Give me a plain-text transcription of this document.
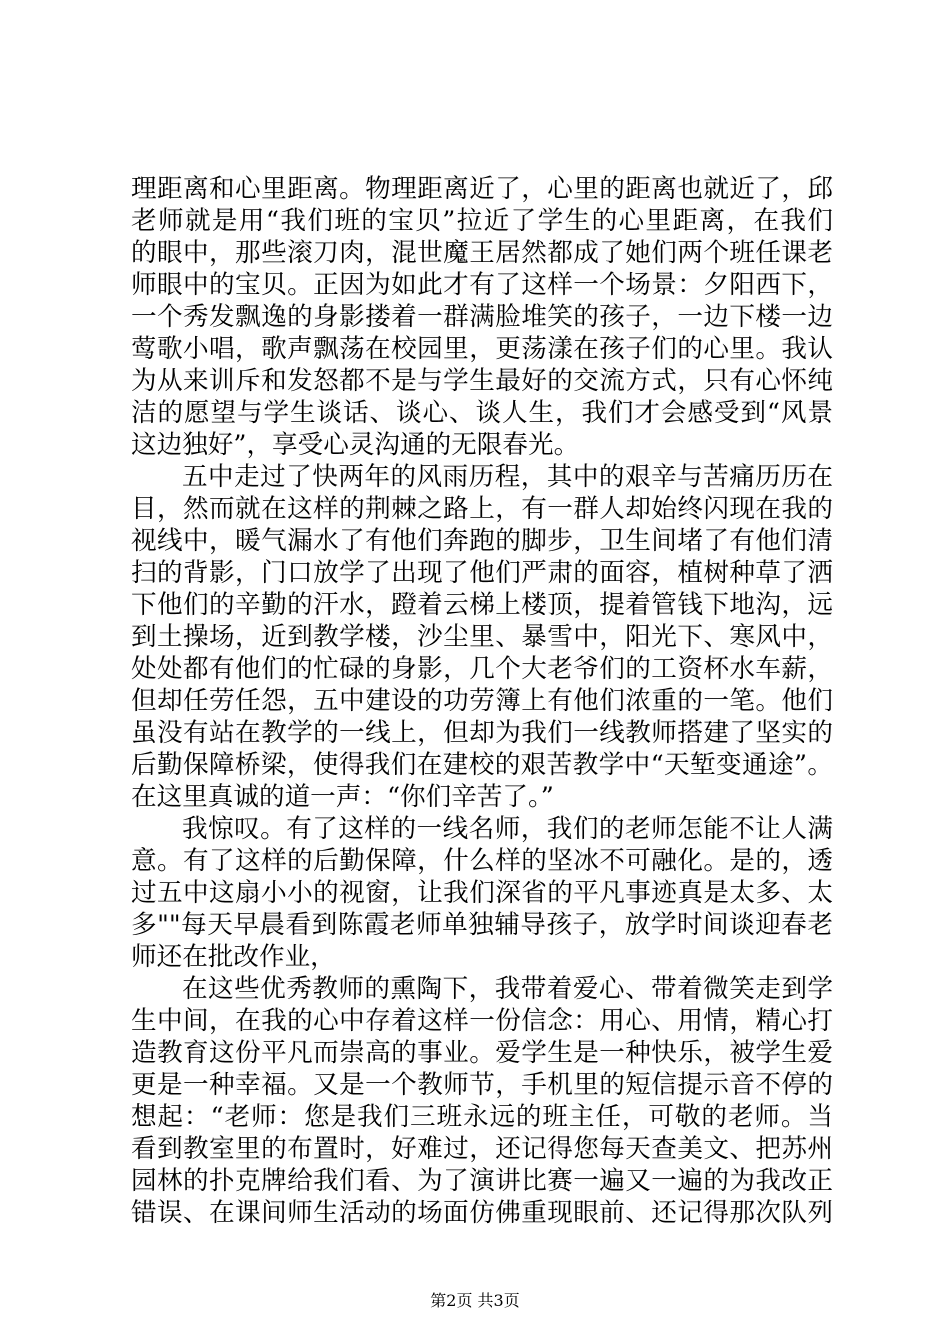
理距离和心里距离。物理距离近了，心里的距离也就近了，邱
老师就是用“我们班的宝贝”拉近了学生的心里距离，在我们
的眼中，那些滚刀肉，混世魔王居然都成了她们两个班任课老
师眼中的宝贝。正因为如此才有了这样一个场景：夕阳西下，
一个秀发飘逸的身影搂着一群满脸堆笑的孩子，一边下楼一边
莺歌小唱，歌声飘荡在校园里，更荡漾在孩子们的心里。我认
为从来训斥和发怒都不是与学生最好的交流方式，只有心怀纯
洁的愿望与学生谈话、谈心、谈人生，我们才会感受到“风景
这边独好”，享受心灵沟通的无限春光。
五中走过了快两年的风雨历程，其中的艰辛与苦痛历历在
目，然而就在这样的荆棘之路上，有一群人却始终闪现在我的
视线中，暖气漏水了有他们奔跑的脚步，卫生间堵了有他们清
扫的背影，门口放学了出现了他们严肃的面容，植树种草了洒
下他们的辛勤的汗水，蹬着云梯上楼顶，提着管钱下地沟，远
到土操场，近到教学楼，沙尘里、暴雪中，阳光下、寒风中，
处处都有他们的忙碌的身影，几个大老爷们的工资杯水车薪，
但却任劳任怨，五中建设的功劳簿上有他们浓重的一笔。他们
虽没有站在教学的一线上，但却为我们一线教师搭建了坚实的
后勤保障桥梁，使得我们在建校的艰苦教学中“天堑变通途”。
在这里真诚的道一声：“你们辛苦了。”
我惊叹。有了这样的一线名师，我们的老师怎能不让人满
意。有了这样的后勤保障，什么样的坚冰不可融化。是的，透
过五中这扇小小的视窗，让我们深省的平凡事迹真是太多、太
多""每天早晨看到陈霞老师单独辅导孩子，放学时间谈迎春老
师还在批改作业，
在这些优秀教师的熏陶下，我带着爱心、带着微笑走到学
生中间，在我的心中存着这样一份信念：用心、用情，精心打
造教育这份平凡而崇高的事业。爱学生是一种快乐，被学生爱
更是一种幸福。又是一个教师节，手机里的短信提示音不停的
想起：“老师：您是我们三班永远的班主任，可敬的老师。当
看到教室里的布置时，好难过，还记得您每天查美文、把苏州
园林的扑克牌给我们看、为了演讲比赛一遍又一遍的为我改正
错误、在课间师生活动的场面仿佛重现眼前、还记得那次队列
第2页 共3页
